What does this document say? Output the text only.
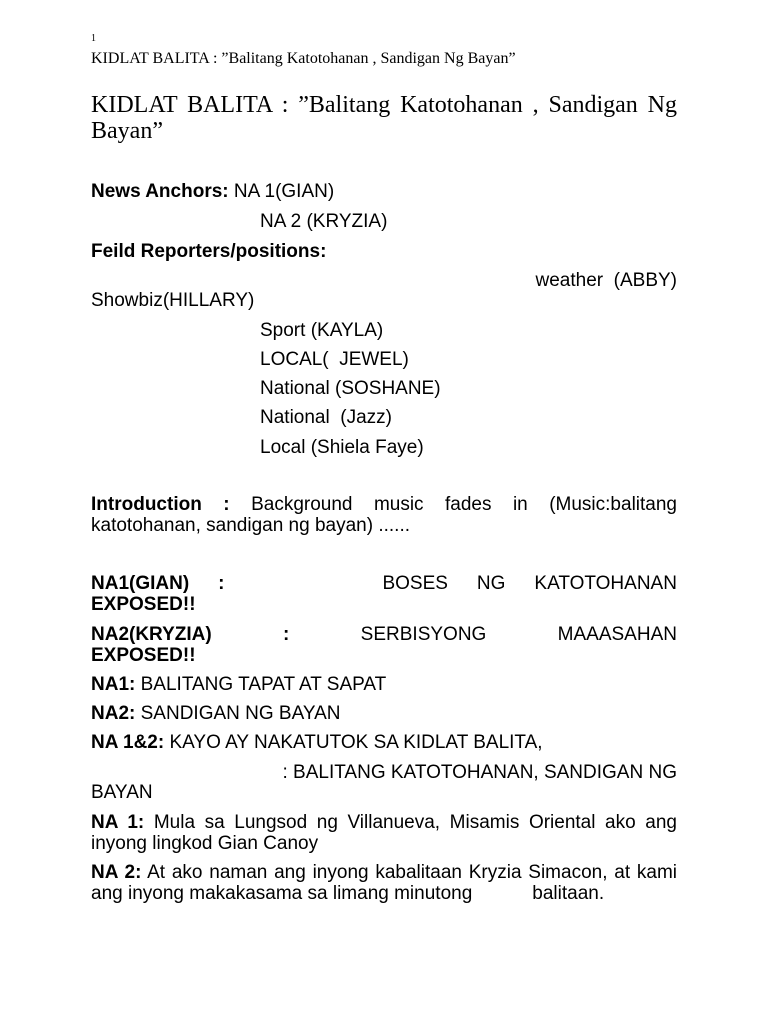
1
KIDLAT BALITA : ”Balitang Katotohanan , Sandigan Ng Bayan”
KIDLAT BALITA : ”Balitang Katotohanan , Sandigan Ng Bayan”
News Anchors: NA 1(GIAN)
NA 2 (KRYZIA)
Feild Reporters/positions:
weather  (ABBY)
Showbiz(HILLARY)
Sport (KAYLA)
LOCAL(  JEWEL)
National (SOSHANE)
National  (Jazz)
Local (Shiela Faye)
Introduction : Background music fades in (Music:balitang katotohanan, sandigan ng bayan) ......
NA1(GIAN) :	BOSES NG KATOTOHANAN
EXPOSED!!
NA2(KRYZIA)	:	SERBISYONG	MAAASAHAN
EXPOSED!!
NA1: BALITANG TAPAT AT SAPAT
NA2: SANDIGAN NG BAYAN
NA 1&2: KAYO AY NAKATUTOK SA KIDLAT BALITA,
: BALITANG KATOTOHANAN, SANDIGAN NG
BAYAN
NA 1: Mula sa Lungsod ng Villanueva, Misamis Oriental ako ang inyong lingkod Gian Canoy
NA 2: At ako naman ang inyong kabalitaan Kryzia Simacon, at kami ang inyong makakasama sa limang minutong	balitaan.
